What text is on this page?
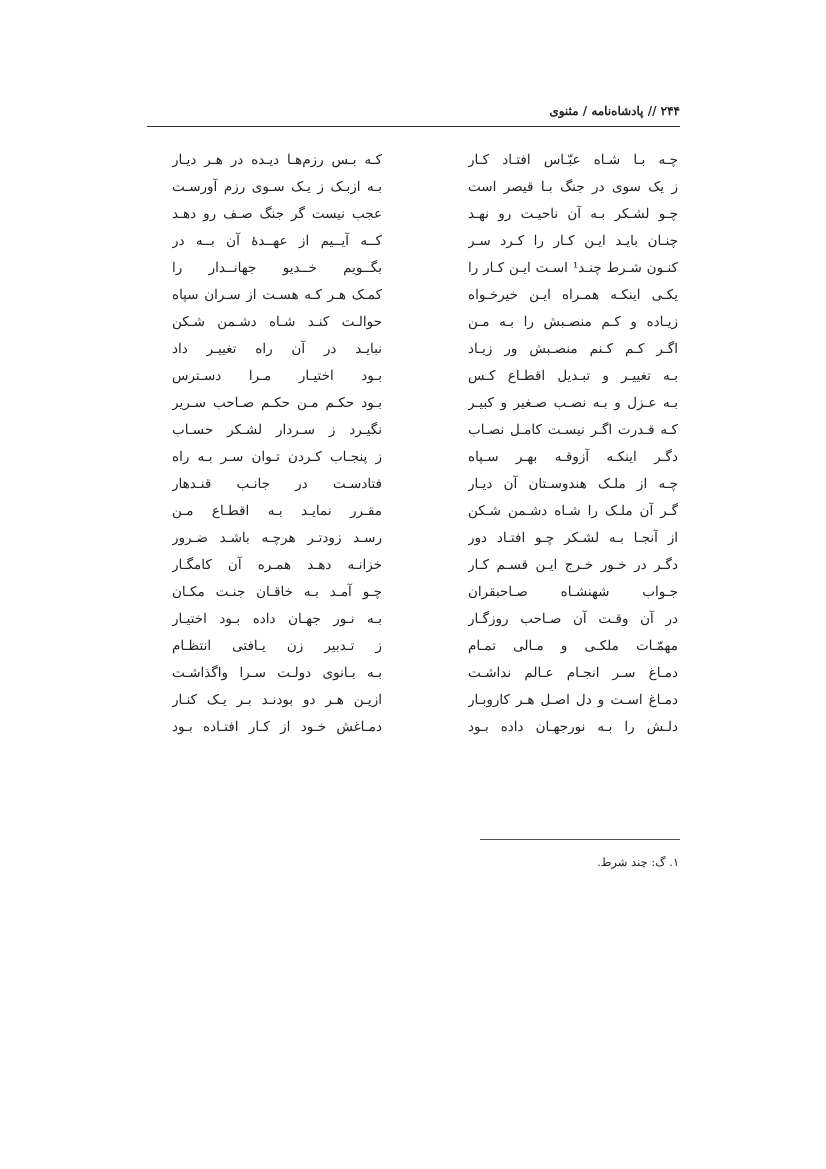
۲۴۴ // پادشاه‌نامه / مثنوی
چـه بـا شـاه عبّـاس افتـاد کـار
کـه بـس رزم‌هـا دیـده در هـر دیـار
ز یک سوی در جنگ بـا قیصر است
بـه ازبـک ز یـک سـوی رزم آورسـت
چـو لشـکر بـه آن ناحیـت رو نهـد
عجب نیست گر جنگ صـف رو دهـد
چنـان بایـد ایـن کـار را کـرد سـر
کــه آیــیم از عهــدهٔ آن بــه در
کنـون شـرط چنـد¹ اسـت ایـن کـار را
بگــویم خــدیو جهانــدار را
یکـی اینکـه همـراه ایـن خیرخـواه
کمـک هـر کـه هسـت از سـران سپاه
زیـاده و کـم منصـبش را بـه مـن
حوالـت کنـد شـاه دشـمن شـکن
اگـر کـم کـنم منصـبش ور زیـاد
نبایـد در آن راه تغییـر داد
بـه تغییـر و تبـدیل اقطـاع کـس
بـود اختیـار مـرا دسـترس
بـه عـزل و بـه نصـب صـغیر و کبیـر
بـود حکـم مـن حکـم صـاحب سـریر
کـه قـدرت اگـر نیسـت کامـل نصـاب
نگیـرد ز سـردار لشـکر حسـاب
دگـر اینکـه آزوقـه بهـر سـپاه
ز پنجـاب کـردن تـوان سـر بـه راه
چـه از ملـک هندوسـتان آن دیـار
فتادسـت در جانـب قنـدهار
گـر آن ملـک را شـاه دشـمن شـکن
مقـرر نمایـد بـه اقطـاع مـن
از آنجـا بـه لشـکر چـو افتـاد دور
رسـد زودتـر هرچـه باشـد ضـرور
دگـر در خـور خـرج ایـن قسـم کـار
خزانـه دهـد همـره آن کامگـار
جـواب شهنشـاه صـاحبقران
چـو آمـد بـه خاقـان جنـت مکـان
در آن وقـت آن صـاحب روزگـار
بـه نـور جهـان داده بـود اختیـار
مهمّـات ملکـی و مـالی تمـام
ز تـدبیر زن یـافتی انتظـام
دمـاغ سـر انجـام عـالم نداشـت
بـه بـانوی دولـت سـرا واگذاشـت
دمـاغ اسـت و دل اصـل هـر کاروبـار
ازیـن هـر دو بودنـد بـر یـک کنـار
دلـش را بـه نورجهـان داده بـود
دمـاغش خـود از کـار افتـاده بـود
۱. گ: چند شرط.
